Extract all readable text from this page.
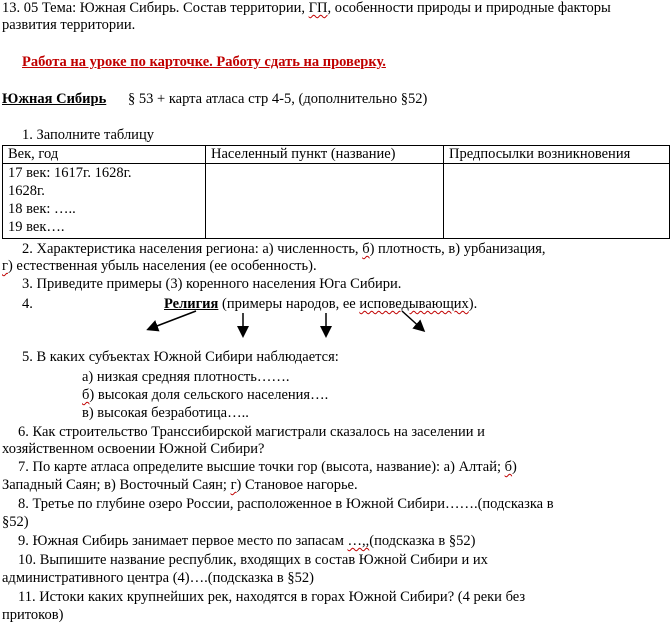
13. 05 Тема: Южная Сибирь. Состав территории, ГП, особенности природы и природные факторы
развития территории.
Работа на уроке по карточке. Работу сдать на проверку.
Южная Сибирь § 53 + карта атласа стр 4-5, (дополнительно §52)
1. Заполните таблицу
Век, год	Населенный пункт (название)	Предпосылки возникновения

17 век: 1617г. 1628г.
1628г.
18 век: …..
19 век….		

2. Характеристика населения региона: а) численность, б) плотность, в) урбанизация,
г) естественная убыль населения (ее особенность).
3. Приведите примеры (3) коренного населения Юга Сибири.
4.	Религия (примеры народов, ее исповедывающих).
5. В каких субъектах Южной Сибири наблюдается:
а) низкая средняя плотность…….
б) высокая доля сельского населения….
в) высокая безработица…..
6. Как строительство Транссибирской магистрали сказалось на заселении и
хозяйственном освоении Южной Сибири?
7. По карте атласа определите высшие точки гор (высота, название): а) Алтай; б)
Западный Саян; в) Восточный Саян; г) Становое нагорье.
8. Третье по глубине озеро России, расположенное в Южной Сибири…….(подсказка в
§52)
9. Южная Сибирь занимает первое место по запасам …,,(подсказка в §52)
10. Выпишите название республик, входящих в состав Южной Сибири и их
административного центра (4)….(подсказка в §52)
11. Истоки каких крупнейших рек, находятся в горах Южной Сибири? (4 реки без
притоков)
